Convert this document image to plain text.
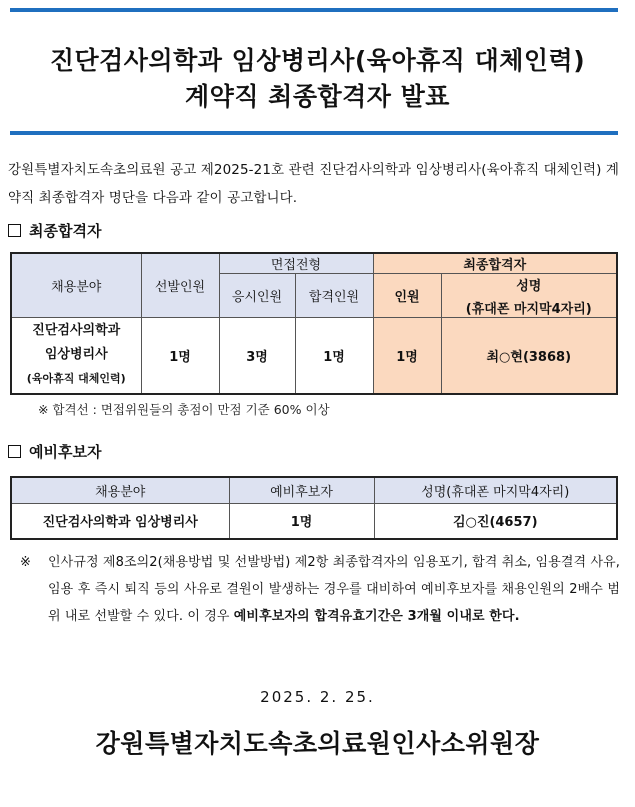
진단검사의학과 임상병리사(육아휴직 대체인력)
계약직 최종합격자 발표
강원특별자치도속초의료원 공고 제2025-21호 관련 진단검사의학과 임상병리사(육아휴직 대체인력) 계약직 최종합격자 명단을 다음과 같이 공고합니다.
최종합격자
채용분야	선발인원	면접전형		최종합격자	
		응시인원	합격인원	인원	성명
(휴대폰 마지막4자리)

진단검사의학과
임상병리사
(육아휴직 대체인력)	1명	3명	1명	1명	최○현(3868)
※ 합격선 : 면접위원들의 총점이 만점 기준 60% 이상
예비후보자
채용분야	예비후보자	성명(휴대폰 마지막4자리)
진단검사의학과 임상병리사	1명	김○진(4657)
※ 인사규정 제8조의2(채용방법 및 선발방법) 제2항 최종합격자의 임용포기, 합격 취소, 임용결격 사유, 임용 후 즉시 퇴직 등의 사유로 결원이 발생하는 경우를 대비하여 예비후보자를 채용인원의 2배수 범위 내로 선발할 수 있다. 이 경우 예비후보자의 합격유효기간은 3개월 이내로 한다.
2025. 2. 25.
강원특별자치도속초의료원인사소위원장
